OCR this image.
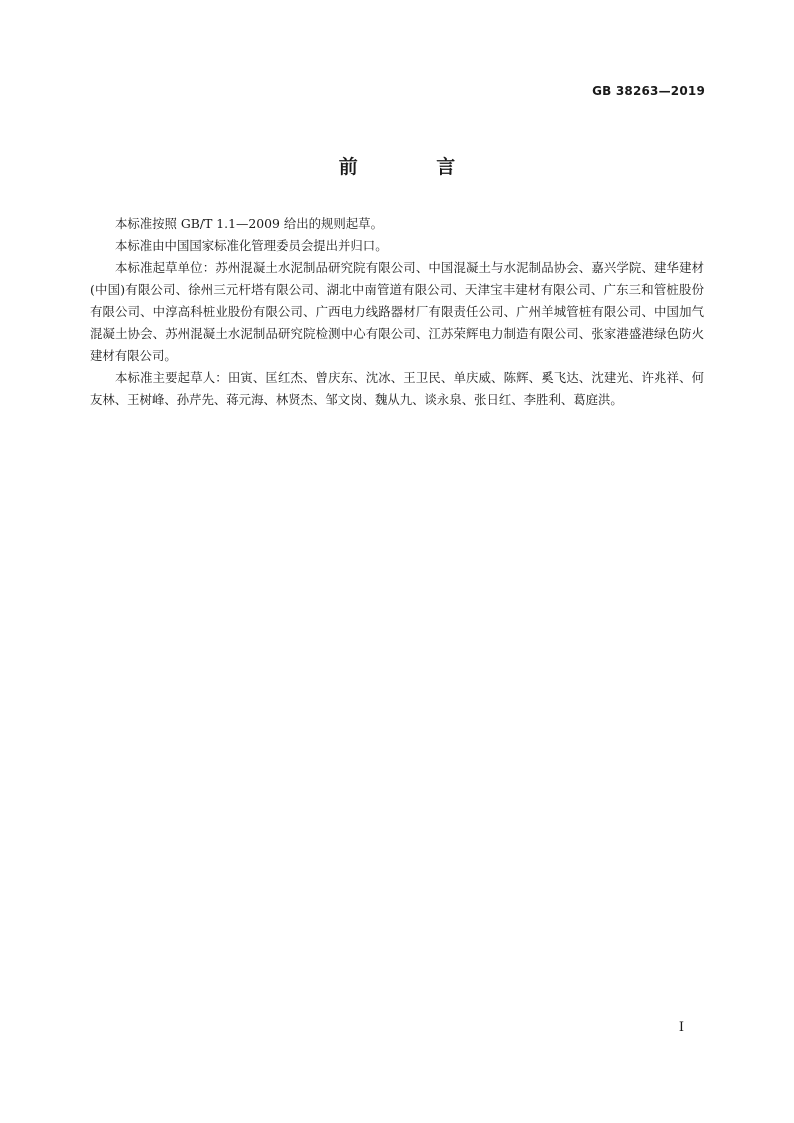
GB 38263—2019
前 言

本标准按照 GB/T 1.1—2009 给出的规则起草。

本标准由中国国家标准化管理委员会提出并归口。

本标准起草单位：苏州混凝土水泥制品研究院有限公司、中国混凝土与水泥制品协会、嘉兴学院、建华建材(中国)有限公司、徐州三元杆塔有限公司、湖北中南管道有限公司、天津宝丰建材有限公司、广东三和管桩股份有限公司、中淳高科桩业股份有限公司、广西电力线路器材厂有限责任公司、广州羊城管桩有限公司、中国加气混凝土协会、苏州混凝土水泥制品研究院检测中心有限公司、江苏荣辉电力制造有限公司、张家港盛港绿色防火建材有限公司。

本标准主要起草人：田寅、匡红杰、曾庆东、沈冰、王卫民、单庆威、陈辉、奚飞达、沈建光、许兆祥、何友林、王树峰、孙芹先、蒋元海、林贤杰、邹文岗、魏从九、谈永泉、张日红、李胜利、葛庭洪。

I
